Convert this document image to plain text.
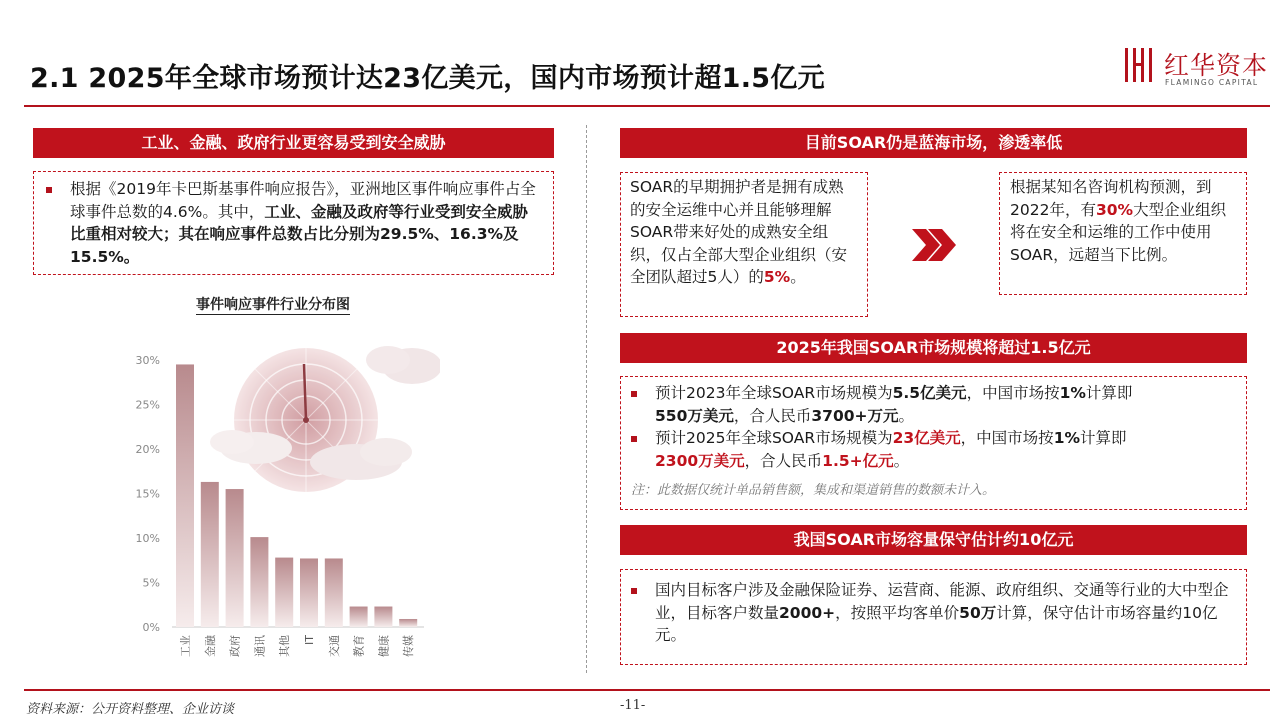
2.1 2025年全球市场预计达23亿美元，国内市场预计超1.5亿元	红华资本
FLAMINGO CAPITAL
工业、金融、政府行业更容易受到安全威胁

根据《2019年卡巴斯基事件响应报告》，亚洲地区事件响应事件占全球事件总数的4.6%。其中，工业、金融及政府等行业受到安全威胁比重相对较大；其在响应事件总数占比分别为29.5%、16.3%及15.5%。

事件响应事件行业分布图
0%
5%
10%
15%
20%
25%
30%
工业 金融 政府 通讯 其他 IT 交通 教育 健康 传媒
目前SOAR仍是蓝海市场，渗透率低

SOAR的早期拥护者是拥有成熟的安全运维中心并且能够理解SOAR带来好处的成熟安全组织，仅占全部大型企业组织（安全团队超过5人）的5%。

根据某知名咨询机构预测，到2022年，有30%大型企业组织将在安全和运维的工作中使用SOAR，远超当下比例。

2025年我国SOAR市场规模将超过1.5亿元

预计2023年全球SOAR市场规模为5.5亿美元，中国市场按1%计算即
550万美元，合人民币3700+万元。

预计2025年全球SOAR市场规模为23亿美元，中国市场按1%计算即
2300万美元，合人民币1.5+亿元。

注：此数据仅统计单品销售额，集成和渠道销售的数额未计入。

我国SOAR市场容量保守估计约10亿元

国内目标客户涉及金融保险证券、运营商、能源、政府组织、交通等行业的大中型企业，目标客户数量2000+，按照平均客单价50万计算，保守估计市场容量约10亿元。

资料来源：公开资料整理、企业访谈	-11-
